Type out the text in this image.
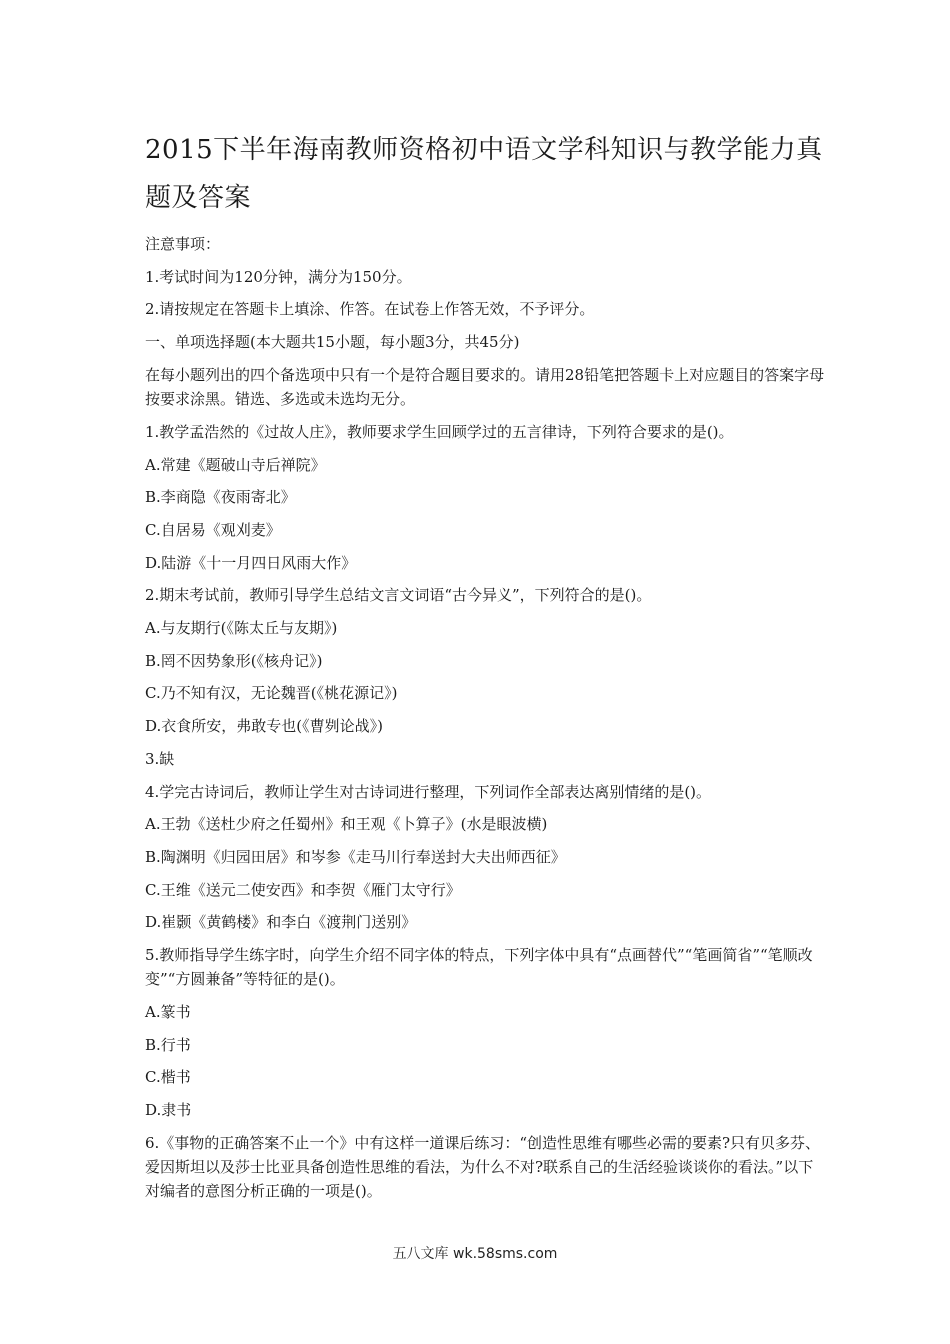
2015下半年海南教师资格初中语文学科知识与教学能力真题及答案

注意事项：

1.考试时间为120分钟，满分为150分。

2.请按规定在答题卡上填涂、作答。在试卷上作答无效，不予评分。

一、单项选择题(本大题共15小题，每小题3分，共45分)

在每小题列出的四个备选项中只有一个是符合题目要求的。请用28铅笔把答题卡上对应题目的答案字母按要求涂黑。错选、多选或未选均无分。

1.教学孟浩然的《过故人庄》，教师要求学生回顾学过的五言律诗，下列符合要求的是()。

A.常建《题破山寺后禅院》

B.李商隐《夜雨寄北》

C.自居易《观刈麦》

D.陆游《十一月四日风雨大作》

2.期末考试前，教师引导学生总结文言文词语“古今异义”，下列符合的是()。

A.与友期行(《陈太丘与友期》)

B.罔不因势象形(《核舟记》)

C.乃不知有汉，无论魏晋(《桃花源记》)

D.衣食所安，弗敢专也(《曹刿论战》)

3.缺

4.学完古诗词后，教师让学生对古诗词进行整理，下列词作全部表达离别情绪的是()。

A.王勃《送杜少府之任蜀州》和王观《卜算子》(水是眼波横)

B.陶渊明《归园田居》和岑参《走马川行奉送封大夫出师西征》

C.王维《送元二使安西》和李贺《雁门太守行》

D.崔颢《黄鹤楼》和李白《渡荆门送别》

5.教师指导学生练字时，向学生介绍不同字体的特点，下列字体中具有“点画替代”“笔画简省”“笔顺改变”“方圆兼备”等特征的是()。

A.篆书

B.行书

C.楷书

D.隶书

6.《事物的正确答案不止一个》中有这样一道课后练习：“创造性思维有哪些必需的要素?只有贝多芬、爱因斯坦以及莎士比亚具备创造性思维的看法，为什么不对?联系自己的生活经验谈谈你的看法。”以下对编者的意图分析正确的一项是()。

五八文库 wk.58sms.com
